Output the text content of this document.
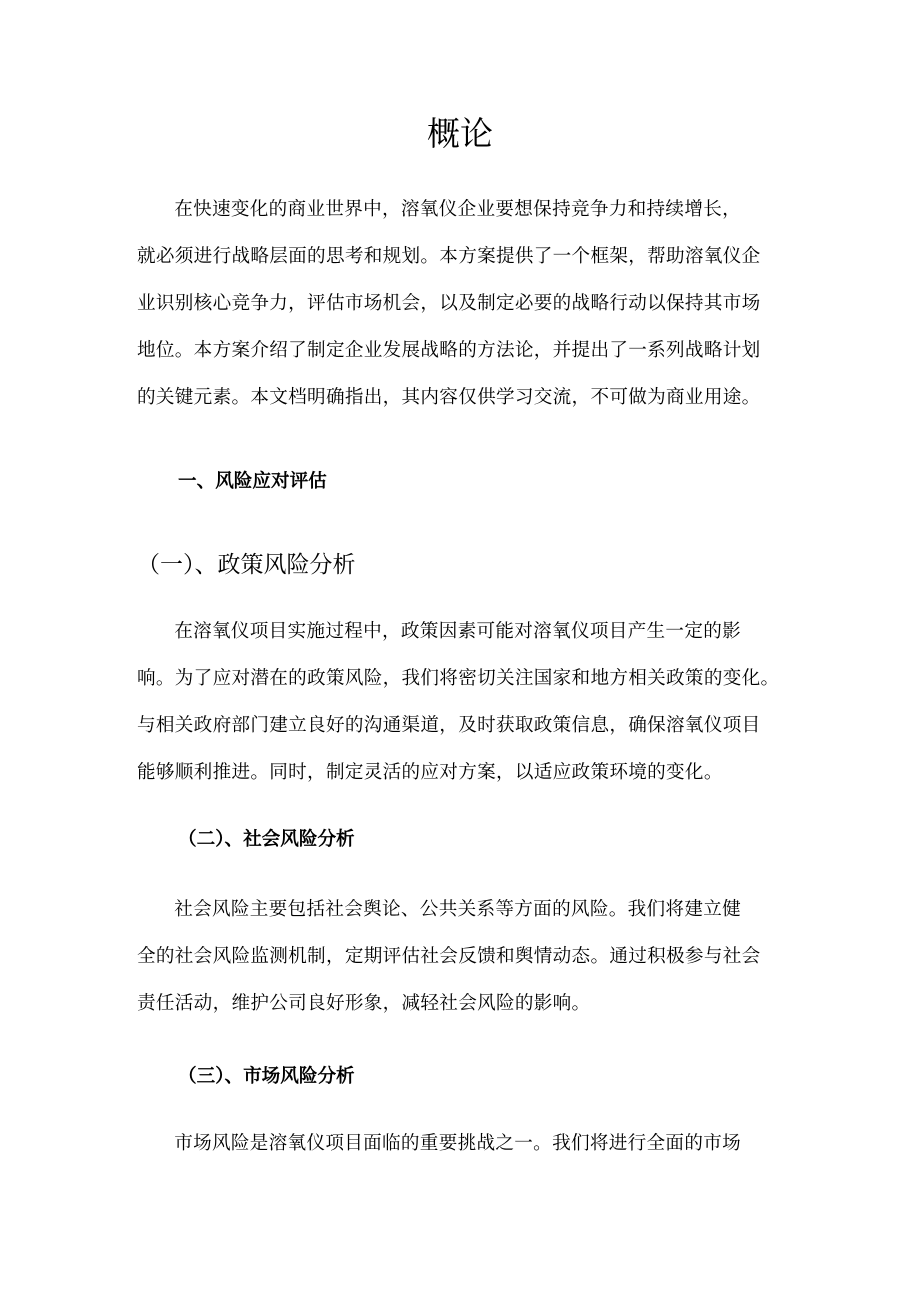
概论
在快速变化的商业世界中，溶氧仪企业要想保持竞争力和持续增长，
就必须进行战略层面的思考和规划。本方案提供了一个框架，帮助溶氧仪企
业识别核心竞争力，评估市场机会，以及制定必要的战略行动以保持其市场
地位。本方案介绍了制定企业发展战略的方法论，并提出了一系列战略计划
的关键元素。本文档明确指出，其内容仅供学习交流，不可做为商业用途。
一、风险应对评估
（一）、政策风险分析
在溶氧仪项目实施过程中，政策因素可能对溶氧仪项目产生一定的影
响。为了应对潜在的政策风险，我们将密切关注国家和地方相关政策的变化。
与相关政府部门建立良好的沟通渠道，及时获取政策信息，确保溶氧仪项目
能够顺利推进。同时，制定灵活的应对方案，以适应政策环境的变化。
（二）、社会风险分析
社会风险主要包括社会舆论、公共关系等方面的风险。我们将建立健
全的社会风险监测机制，定期评估社会反馈和舆情动态。通过积极参与社会
责任活动，维护公司良好形象，减轻社会风险的影响。
（三）、市场风险分析
市场风险是溶氧仪项目面临的重要挑战之一。我们将进行全面的市场
